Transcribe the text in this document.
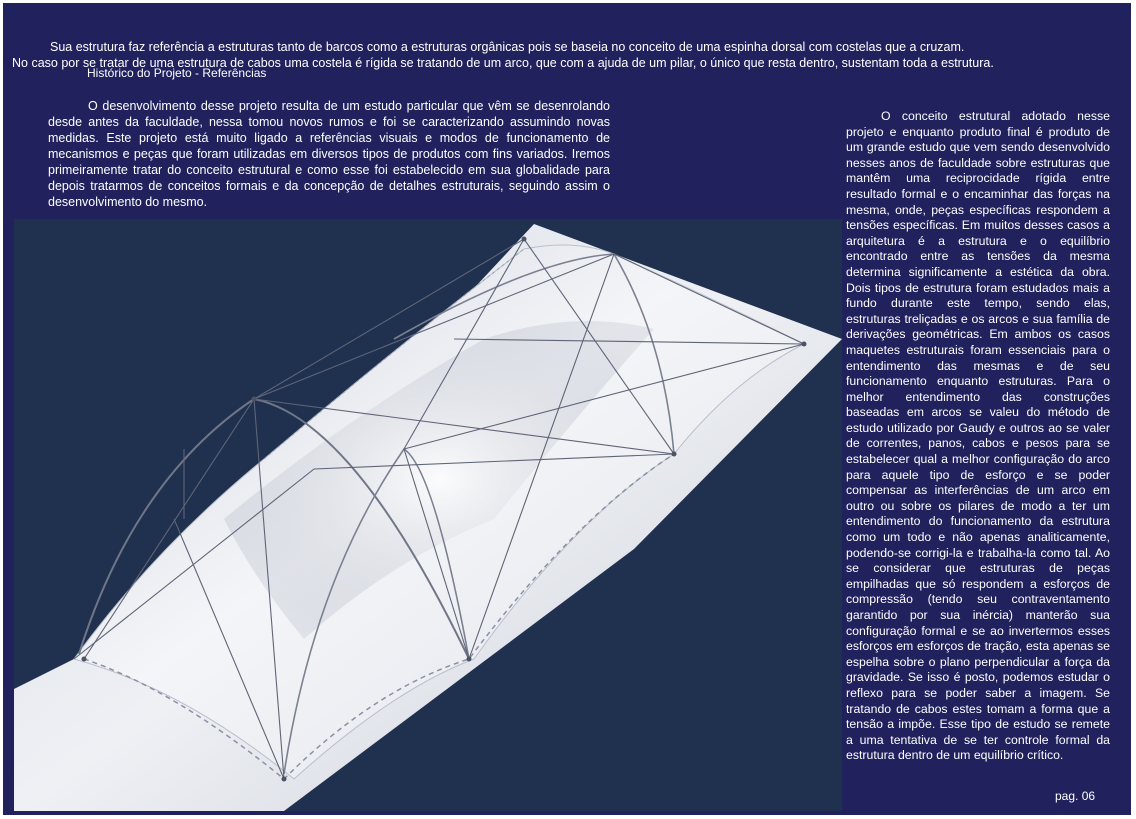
Sua estrutura faz referência a estruturas tanto de barcos como a estruturas orgânicas pois se baseia no conceito de uma espinha dorsal com costelas que a cruzam.
No caso por se tratar de uma estrutura de cabos uma costela é rígida se tratando de um arco, que com a ajuda de um pilar, o único que resta dentro, sustentam toda a estrutura.
Histórico do Projeto - Referências
O desenvolvimento desse projeto resulta de um estudo particular que vêm se desenrolando desde antes da faculdade, nessa tomou novos rumos e foi se caracterizando assumindo novas medidas. Este projeto está muito ligado a referências visuais e modos de funcionamento de mecanismos e peças que foram utilizadas em diversos tipos de produtos com fins variados. Iremos primeiramente tratar do conceito estrutural e como esse foi estabelecido em sua globalidade para depois tratarmos de conceitos formais e da concepção de detalhes estruturais, seguindo assim o desenvolvimento do mesmo.
O conceito estrutural adotado nesse projeto e enquanto produto final é produto de um grande estudo que vem sendo desenvolvido nesses anos de faculdade sobre estruturas que mantêm uma reciprocidade rígida entre resultado formal e o encaminhar das forças na mesma, onde, peças específicas respondem a tensões específicas. Em muitos desses casos a arquitetura é a estrutura e o equilíbrio encontrado entre as tensões da mesma determina significamente a estética da obra. Dois tipos de estrutura foram estudados mais a fundo durante este tempo, sendo elas, estruturas treliçadas e os arcos e sua família de derivações geométricas. Em ambos os casos maquetes estruturais foram essenciais para o entendimento das mesmas e de seu funcionamento enquanto estruturas. Para o melhor entendimento das construções baseadas em arcos se valeu do método de estudo utilizado por Gaudy e outros ao se valer de correntes, panos, cabos e pesos para se estabelecer qual a melhor configuração do arco para aquele tipo de esforço e se poder compensar as interferências de um arco em outro ou sobre os pilares de modo a ter um entendimento do funcionamento da estrutura como um todo e não apenas analiticamente, podendo-se corrigi-la e trabalha-la como tal. Ao se considerar que estruturas de peças empilhadas que só respondem a esforços de compressão (tendo seu contraventamento garantido por sua inércia) manterão sua configuração formal e se ao invertermos esses esforços em esforços de tração, esta apenas se espelha sobre o plano perpendicular a força da gravidade. Se isso é posto, podemos estudar o reflexo para se poder saber a imagem. Se tratando de cabos estes tomam a forma que a tensão a impõe. Esse tipo de estudo se remete a uma tentativa de se ter controle formal da estrutura dentro de um equilíbrio crítico.
pag. 06
